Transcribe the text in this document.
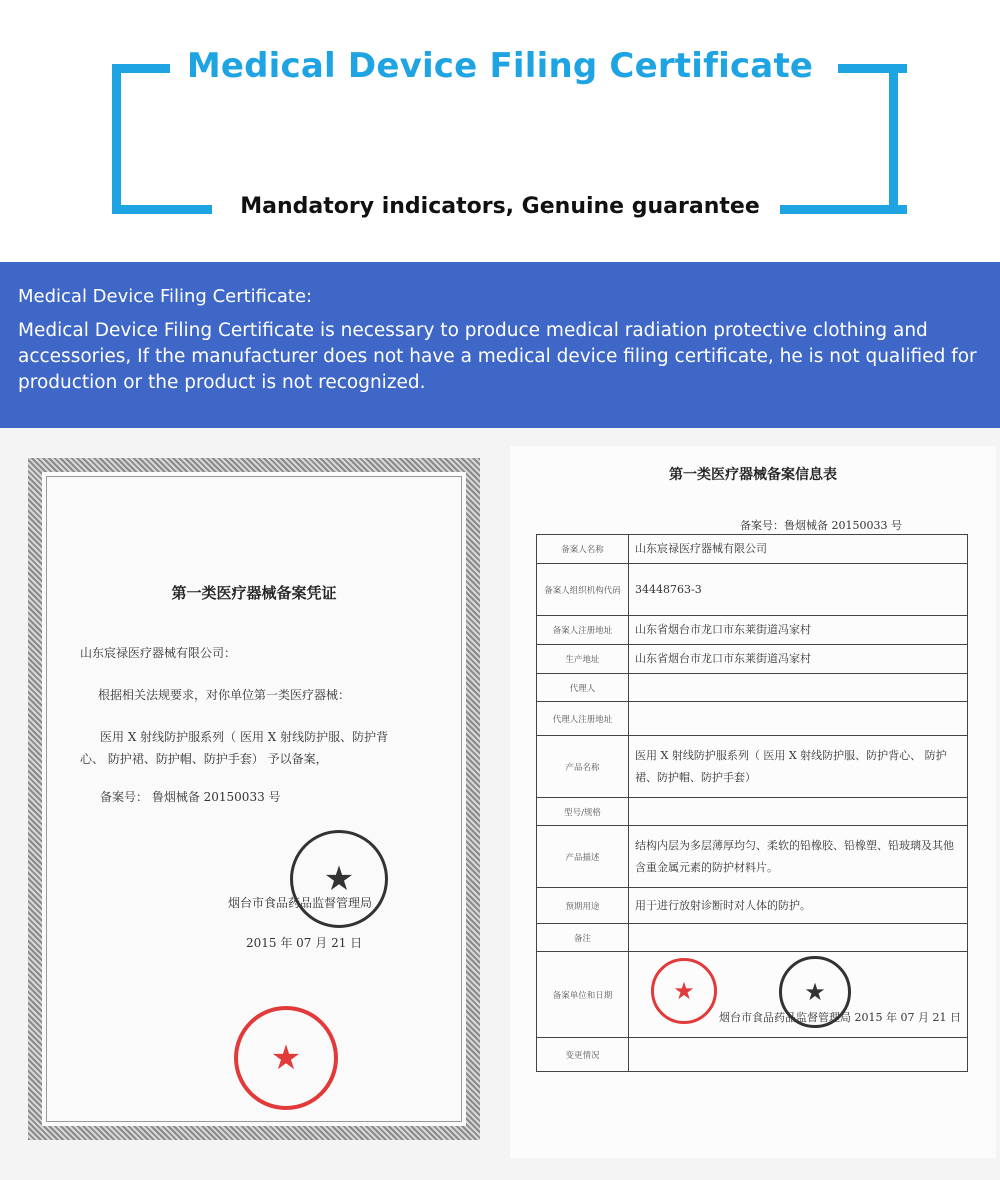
Medical Device Filing Certificate
Mandatory indicators, Genuine guarantee
Medical Device Filing Certificate:
Medical Device Filing Certificate is necessary to produce medical radiation protective clothing and accessories, If the manufacturer does not have a medical device filing certificate, he is not qualified for production or the product is not recognized.
第一类医疗器械备案凭证
山东宸禄医疗器械有限公司：
根据相关法规要求，对你单位第一类医疗器械：
医用 X 射线防护服系列（ 医用 X 射线防护服、防护背
心、 防护裙、防护帽、防护手套） 予以备案，
备案号： 鲁烟械备 20150033 号
烟台市食品药品监督管理局
2015 年 07 月 21 日
★
★
第一类医疗器械备案信息表
备案号：鲁烟械备 20150033 号
备案人名称	山东宸禄医疗器械有限公司
备案人组织机构代码	34448763-3
备案人注册地址	山东省烟台市龙口市东莱街道冯家村
生产地址	山东省烟台市龙口市东莱街道冯家村
代理人	
代理人注册地址	
产品名称	医用 X 射线防护服系列（ 医用 X 射线防护服、防护背心、 防护裙、防护帽、防护手套）
型号/规格	
产品描述	结构内层为多层薄厚均匀、柔软的铅橡胶、铅橡塑、铅玻璃及其他含重金属元素的防护材料片。
预期用途	用于进行放射诊断时对人体的防护。
备注	
备案单位和日期	烟台市食品药品监督管理局 2015 年 07 月 21 日
★ ★

变更情况	
